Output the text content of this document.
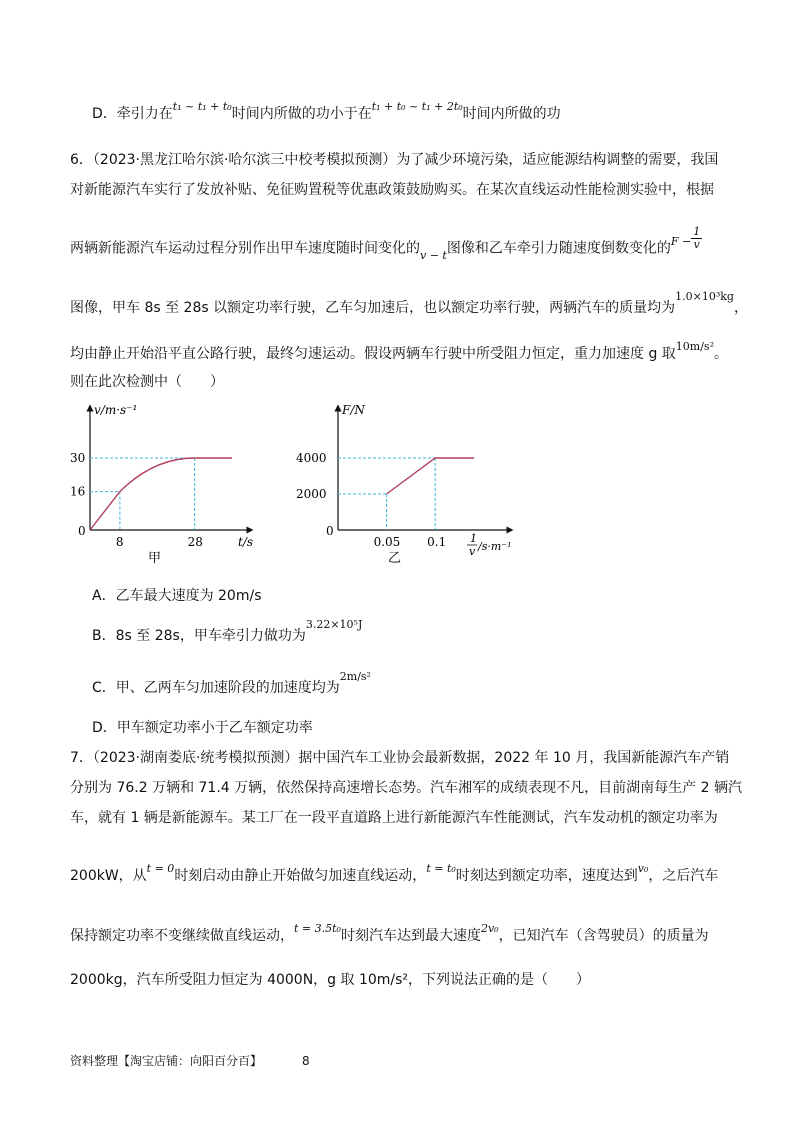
D．牵引力在$^{t_1 \sim t_1 + t_0}$时间内所做的功小于在$^{t_1 + t_0 \sim t_1 + 2t_0}$时间内所做的功
6．（2023·黑龙江哈尔滨·哈尔滨三中校考模拟预测）为了减少环境污染，适应能源结构调整的需要，我国
对新能源汽车实行了发放补贴、免征购置税等优惠政策鼓励购买。在某次直线运动性能检测实验中，根据
两辆新能源汽车运动过程分别作出甲车速度随时间变化的$_{v - t}$图像和乙车牵引力随速度倒数变化的$^{F -} \frac{1}{v}$
图像，甲车 8s 至 28s 以额定功率行驶，乙车匀加速后，也以额定功率行驶，两辆汽车的质量均为$^{1.0\times 10^3kg}$，
均由静止开始沿平直公路行驶，最终匀速运动。假设两辆车行驶中所受阻力恒定，重力加速度 g 取$^{10m/s^2}$。
则在此次检测中（　　）
v/m·s⁻¹
t/s
0
16
30
8	28
甲
F/N
0
2000
4000
0.05 0.1 1
v /s·m⁻¹
乙
A．乙车最大速度为 20m/s
B．8s 至 28s，甲车牵引力做功为$^{3.22\times 10^5J}$
C．甲、乙两车匀加速阶段的加速度均为$^{2m/s^2}$
D．甲车额定功率小于乙车额定功率
7．（2023·湖南娄底·统考模拟预测）据中国汽车工业协会最新数据，2022 年 10 月，我国新能源汽车产销
分别为 76.2 万辆和 71.4 万辆，依然保持高速增长态势。汽车湘军的成绩表现不凡，目前湖南每生产 2 辆汽
车，就有 1 辆是新能源车。某工厂在一段平直道路上进行新能源汽车性能测试，汽车发动机的额定功率为
200kW，从$^{t = 0}$时刻启动由静止开始做匀加速直线运动，$^{t = t_0}$时刻达到额定功率，速度达到$^{v_0}$，之后汽车
保持额定功率不变继续做直线运动，$^{t = 3.5t_0}$时刻汽车达到最大速度$^{2v_0}$，已知汽车（含驾驶员）的质量为
2000kg，汽车所受阻力恒定为 4000N，g 取 10m/s²，下列说法正确的是（　　）
资料整理【淘宝店铺：向阳百分百】	8
